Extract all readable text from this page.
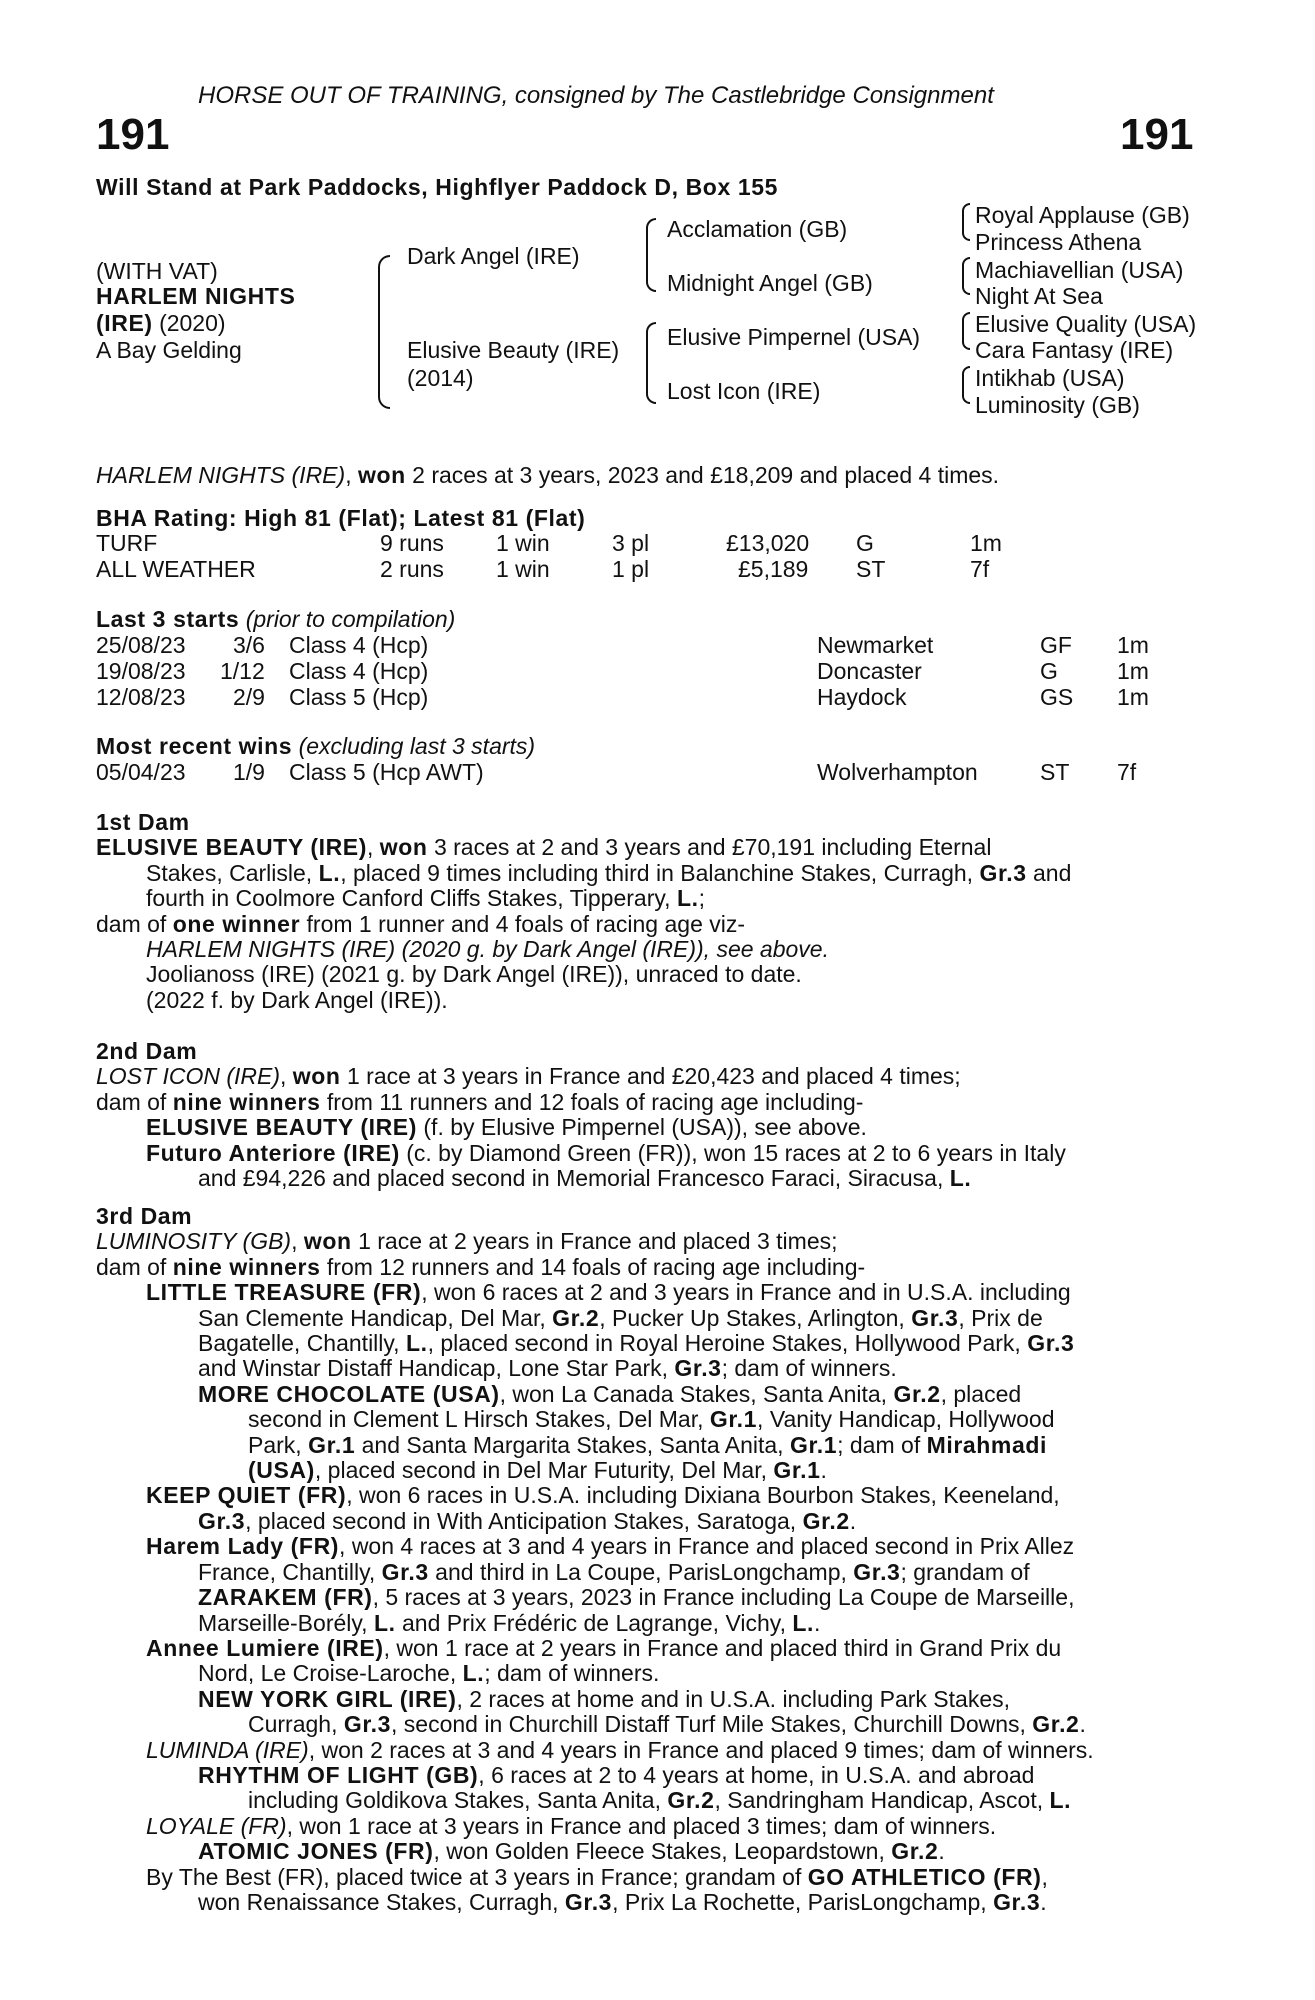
HORSE OUT OF TRAINING, consigned by The Castlebridge Consignment
191	191
Will Stand at Park Paddocks, Highflyer Paddock D, Box 155
(WITH VAT)
HARLEM NIGHTS
(IRE) (2020)
A Bay Gelding
Dark Angel (IRE)
Elusive Beauty (IRE)
(2014)
Acclamation (GB)
Midnight Angel (GB)
Elusive Pimpernel (USA)
Lost Icon (IRE)
Royal Applause (GB)
Princess Athena
Machiavellian (USA)
Night At Sea
Elusive Quality (USA)
Cara Fantasy (IRE)
Intikhab (USA)
Luminosity (GB)
HARLEM NIGHTS (IRE), won 2 races at 3 years, 2023 and £18,209 and placed 4 times.
BHA Rating: High 81 (Flat); Latest 81 (Flat)
TURF	9 runs 1 win	3 pl	£13,020 G	1m
ALL WEATHER	2 runs 1 win	1 pl	£5,189 ST	7f
Last 3 starts (prior to compilation)
25/08/23 3/6 Class 4 (Hcp)	Newmarket	GF 1m
19/08/23 1/12 Class 4 (Hcp)	Doncaster	G	1m
12/08/23 2/9 Class 5 (Hcp)	Haydock	GS 1m
Most recent wins (excluding last 3 starts)
05/04/23 1/9 Class 5 (Hcp AWT)	Wolverhampton	ST 7f
1st Dam
ELUSIVE BEAUTY (IRE), won 3 races at 2 and 3 years and £70,191 including Eternal
Stakes, Carlisle, L., placed 9 times including third in Balanchine Stakes, Curragh, Gr.3 and
fourth in Coolmore Canford Cliffs Stakes, Tipperary, L.;
dam of one winner from 1 runner and 4 foals of racing age viz-
HARLEM NIGHTS (IRE) (2020 g. by Dark Angel (IRE)), see above.
Joolianoss (IRE) (2021 g. by Dark Angel (IRE)), unraced to date.
(2022 f. by Dark Angel (IRE)).
2nd Dam
LOST ICON (IRE), won 1 race at 3 years in France and £20,423 and placed 4 times;
dam of nine winners from 11 runners and 12 foals of racing age including-
ELUSIVE BEAUTY (IRE) (f. by Elusive Pimpernel (USA)), see above.
Futuro Anteriore (IRE) (c. by Diamond Green (FR)), won 15 races at 2 to 6 years in Italy
and £94,226 and placed second in Memorial Francesco Faraci, Siracusa, L.
3rd Dam
LUMINOSITY (GB), won 1 race at 2 years in France and placed 3 times;
dam of nine winners from 12 runners and 14 foals of racing age including-
LITTLE TREASURE (FR), won 6 races at 2 and 3 years in France and in U.S.A. including
San Clemente Handicap, Del Mar, Gr.2, Pucker Up Stakes, Arlington, Gr.3, Prix de
Bagatelle, Chantilly, L., placed second in Royal Heroine Stakes, Hollywood Park, Gr.3
and Winstar Distaff Handicap, Lone Star Park, Gr.3; dam of winners.
MORE CHOCOLATE (USA), won La Canada Stakes, Santa Anita, Gr.2, placed
second in Clement L Hirsch Stakes, Del Mar, Gr.1, Vanity Handicap, Hollywood
Park, Gr.1 and Santa Margarita Stakes, Santa Anita, Gr.1; dam of Mirahmadi
(USA), placed second in Del Mar Futurity, Del Mar, Gr.1.
KEEP QUIET (FR), won 6 races in U.S.A. including Dixiana Bourbon Stakes, Keeneland,
Gr.3, placed second in With Anticipation Stakes, Saratoga, Gr.2.
Harem Lady (FR), won 4 races at 3 and 4 years in France and placed second in Prix Allez
France, Chantilly, Gr.3 and third in La Coupe, ParisLongchamp, Gr.3; grandam of
ZARAKEM (FR), 5 races at 3 years, 2023 in France including La Coupe de Marseille,
Marseille-Borély, L. and Prix Frédéric de Lagrange, Vichy, L..
Annee Lumiere (IRE), won 1 race at 2 years in France and placed third in Grand Prix du
Nord, Le Croise-Laroche, L.; dam of winners.
NEW YORK GIRL (IRE), 2 races at home and in U.S.A. including Park Stakes,
Curragh, Gr.3, second in Churchill Distaff Turf Mile Stakes, Churchill Downs, Gr.2.
LUMINDA (IRE), won 2 races at 3 and 4 years in France and placed 9 times; dam of winners.
RHYTHM OF LIGHT (GB), 6 races at 2 to 4 years at home, in U.S.A. and abroad
including Goldikova Stakes, Santa Anita, Gr.2, Sandringham Handicap, Ascot, L.
LOYALE (FR), won 1 race at 3 years in France and placed 3 times; dam of winners.
ATOMIC JONES (FR), won Golden Fleece Stakes, Leopardstown, Gr.2.
By The Best (FR), placed twice at 3 years in France; grandam of GO ATHLETICO (FR),
won Renaissance Stakes, Curragh, Gr.3, Prix La Rochette, ParisLongchamp, Gr.3.
